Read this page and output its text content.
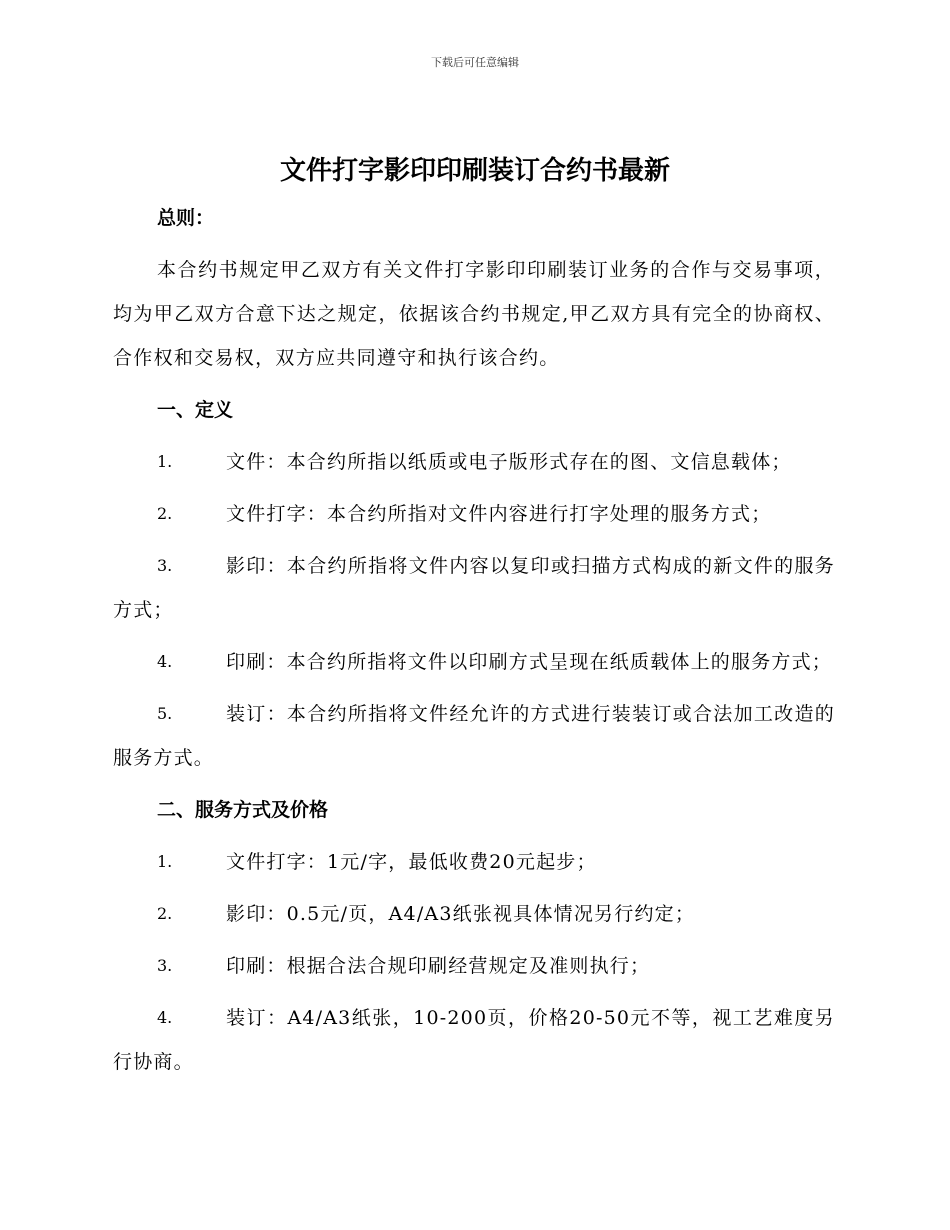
下载后可任意编辑
文件打字影印印刷装订合约书最新
总则：
本合约书规定甲乙双方有关文件打字影印印刷装订业务的合作与交易事项，均为甲乙双方合意下达之规定，依据该合约书规定,甲乙双方具有完全的协商权、合作权和交易权，双方应共同遵守和执行该合约。
一、定义
1.	文件：本合约所指以纸质或电子版形式存在的图、文信息载体；
2.	文件打字：本合约所指对文件内容进行打字处理的服务方式；
3.	影印：本合约所指将文件内容以复印或扫描方式构成的新文件的服务方式；
4.	印刷：本合约所指将文件以印刷方式呈现在纸质载体上的服务方式；
5.	装订：本合约所指将文件经允许的方式进行装装订或合法加工改造的服务方式。
二、服务方式及价格
1.	文件打字：1元/字，最低收费20元起步；
2.	影印：0.5元/页，A4/A3纸张视具体情况另行约定；
3.	印刷：根据合法合规印刷经营规定及准则执行；
4.	装订：A4/A3纸张，10-200页，价格20-50元不等，视工艺难度另行协商。
